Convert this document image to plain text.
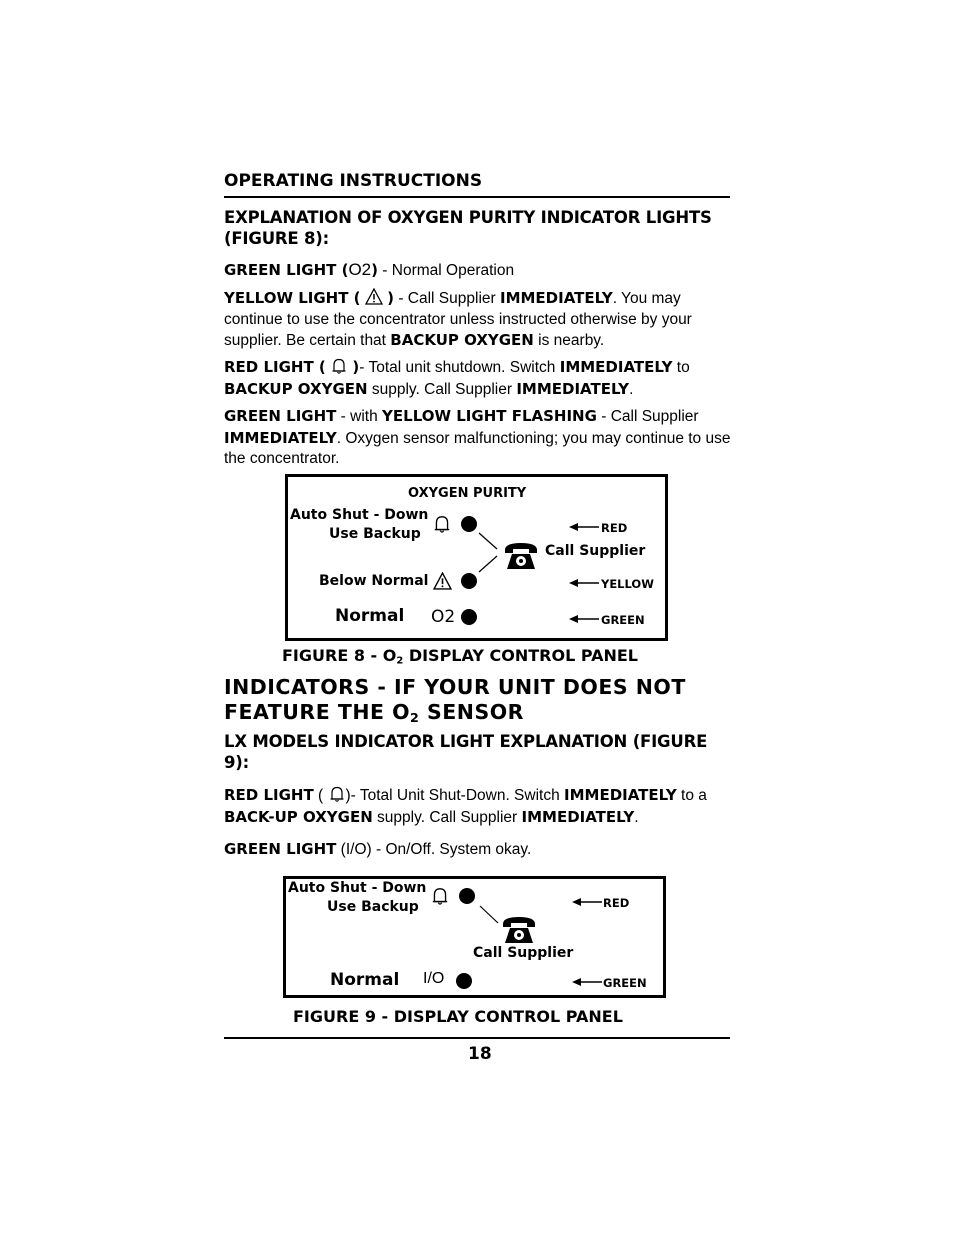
OPERATING INSTRUCTIONS
EXPLANATION OF OXYGEN PURITY INDICATOR LIGHTS (FIGURE 8):
GREEN LIGHT (O2) - Normal Operation
YELLOW LIGHT ( ) - Call Supplier IMMEDIATELY. You may continue to use the concentrator unless instructed otherwise by your supplier. Be certain that BACKUP OXYGEN is nearby.
RED LIGHT ( )- Total unit shutdown. Switch IMMEDIATELY to BACKUP OXYGEN supply. Call Supplier IMMEDIATELY.
GREEN LIGHT - with YELLOW LIGHT FLASHING - Call Supplier IMMEDIATELY. Oxygen sensor malfunctioning; you may continue to use the concentrator.
OXYGEN PURITY
Auto Shut - Down
Use Backup
Call Supplier
Below Normal
Normal O2
RED
YELLOW
GREEN
FIGURE $8 - O_2$ DISPLAY CONTROL PANEL
INDICATORS - IF YOUR UNIT DOES NOT FEATURE THE $O_2$ SENSOR
LX MODELS INDICATOR LIGHT EXPLANATION (FIGURE 9):
RED LIGHT ( )- Total Unit Shut-Down. Switch IMMEDIATELY to a BACK-UP OXYGEN supply. Call Supplier IMMEDIATELY.
GREEN LIGHT (I/O) - On/Off. System okay.
Auto Shut - Down
Use Backup
Call Supplier
Normal I/O
RED
GREEN
FIGURE 9 - DISPLAY CONTROL PANEL
18
